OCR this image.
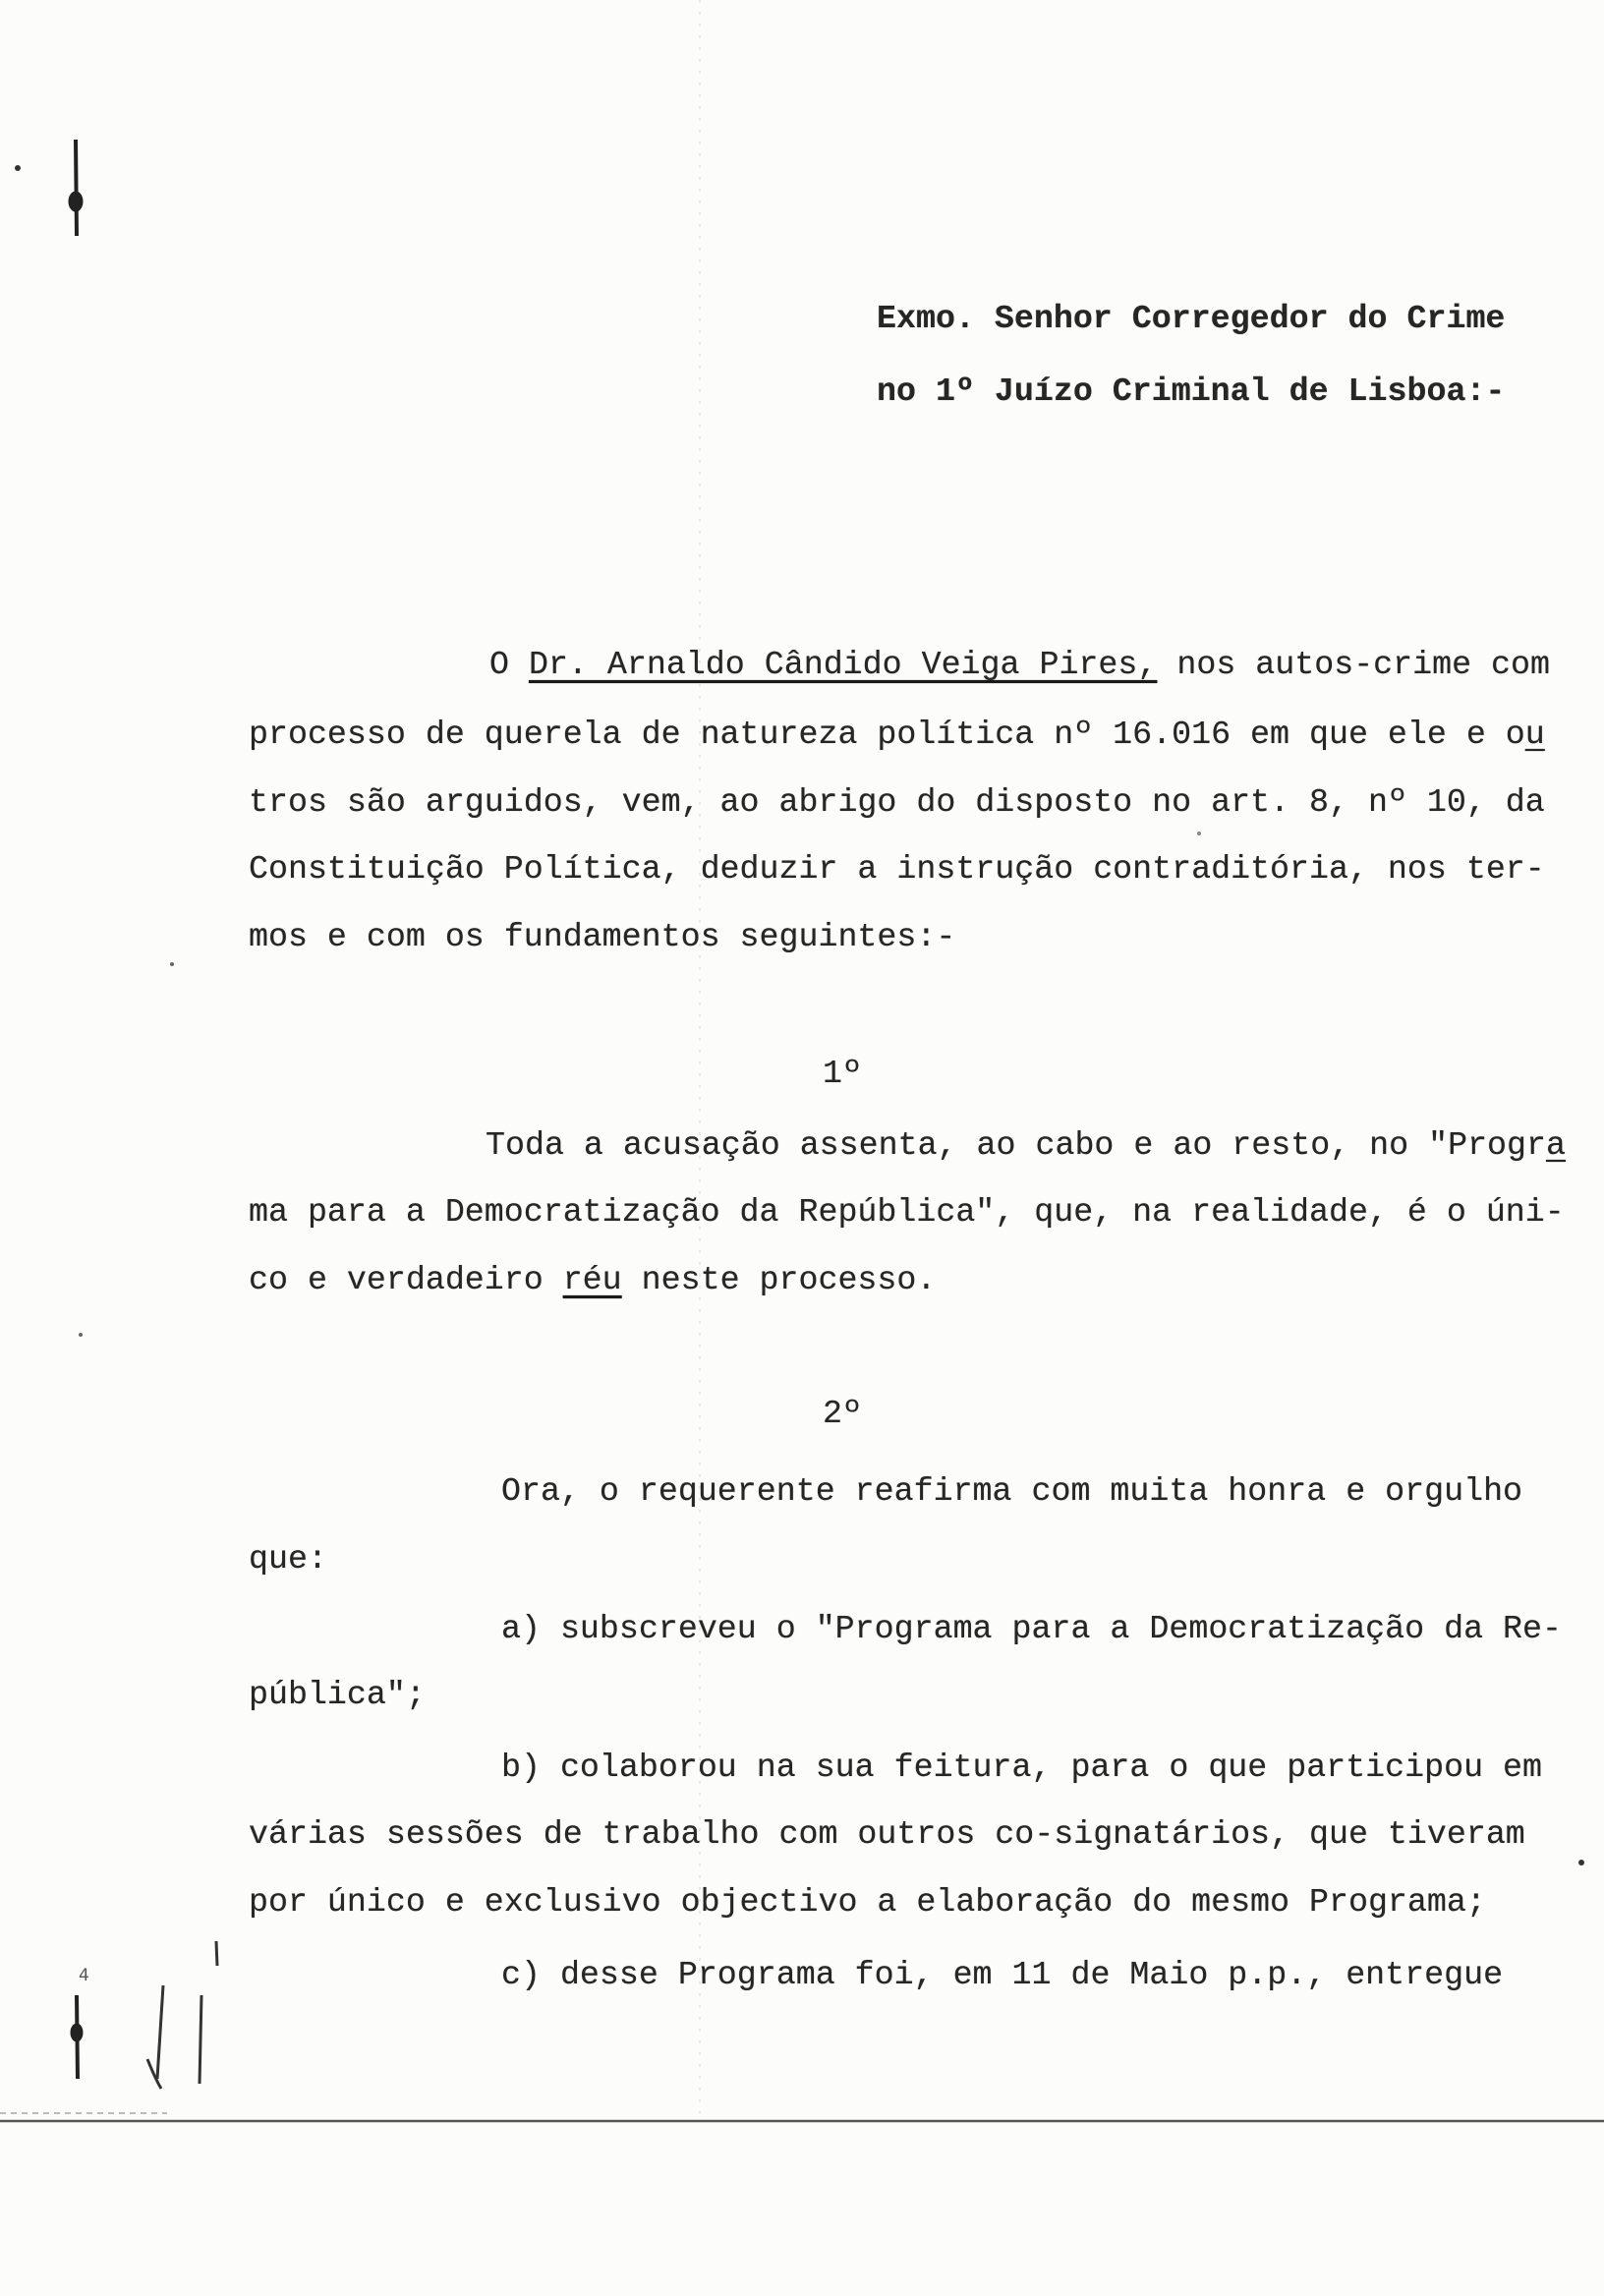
Exmo. Senhor Corregedor do Crime
no 1º Juízo Criminal de Lisboa:-
O Dr. Arnaldo Cândido Veiga Pires, nos autos-crime com
processo de querela de natureza política nº 16.016 em que ele e ou
tros são arguidos, vem, ao abrigo do disposto no art. 8, nº 10, da
Constituição Política, deduzir a instrução contraditória, nos ter-
mos e com os fundamentos seguintes:-
1º
Toda a acusação assenta, ao cabo e ao resto, no "Progra
ma para a Democratização da República", que, na realidade, é o úni-
co e verdadeiro réu neste processo.
2º
Ora, o requerente reafirma com muita honra e orgulho
que:
a) subscreveu o "Programa para a Democratização da Re-
pública";
b) colaborou na sua feitura, para o que participou em
várias sessões de trabalho com outros co-signatários, que tiveram
por único e exclusivo objectivo a elaboração do mesmo Programa;
c) desse Programa foi, em 11 de Maio p.p., entregue
4
